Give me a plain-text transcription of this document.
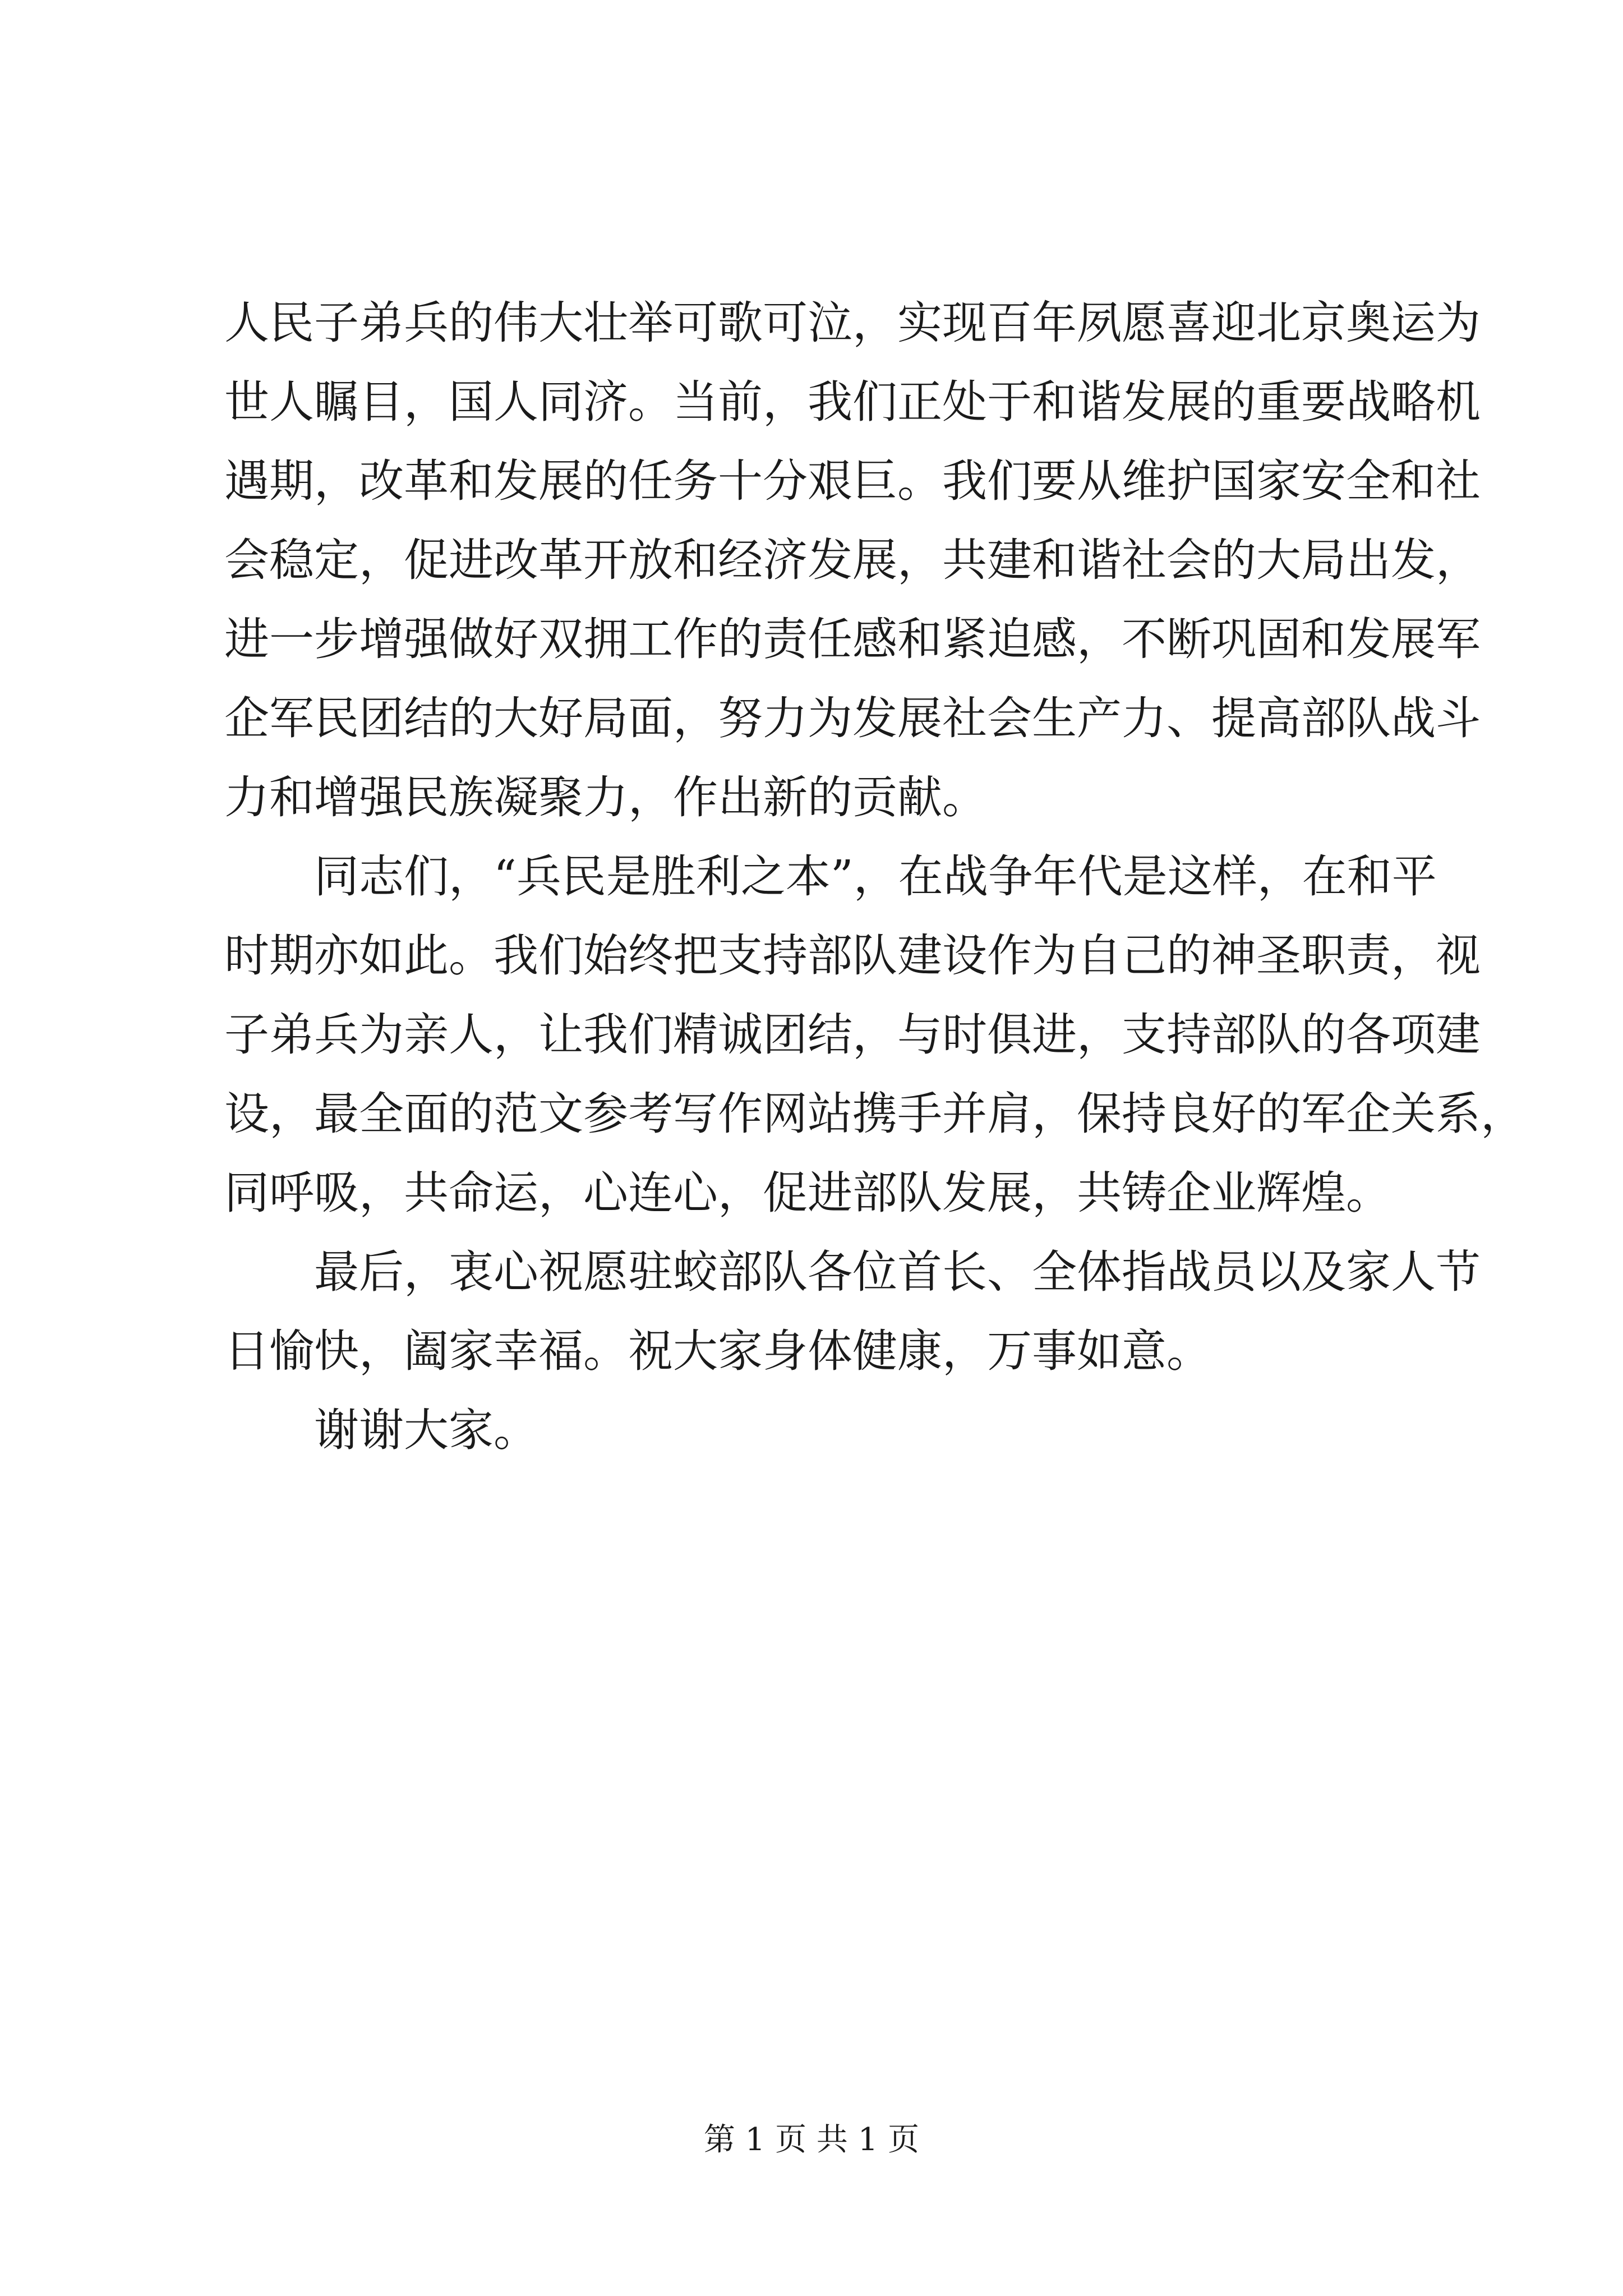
人民子弟兵的伟大壮举可歌可泣，实现百年夙愿喜迎北京奥运为
世人瞩目，国人同济。当前，我们正处于和谐发展的重要战略机
遇期，改革和发展的任务十分艰巨。我们要从维护国家安全和社
会稳定，促进改革开放和经济发展，共建和谐社会的大局出发，
进一步增强做好双拥工作的责任感和紧迫感，不断巩固和发展军
企军民团结的大好局面，努力为发展社会生产力、提高部队战斗
力和增强民族凝聚力，作出新的贡献。
同志们，“兵民是胜利之本”，在战争年代是这样，在和平
时期亦如此。我们始终把支持部队建设作为自己的神圣职责，视
子弟兵为亲人，让我们精诚团结，与时俱进，支持部队的各项建
设，最全面的范文参考写作网站携手并肩，保持良好的军企关系，
同呼吸，共命运，心连心，促进部队发展，共铸企业辉煌。
最后，衷心祝愿驻蛟部队各位首长、全体指战员以及家人节
日愉快，阖家幸福。祝大家身体健康，万事如意。
谢谢大家。
第 1 页 共 1 页
